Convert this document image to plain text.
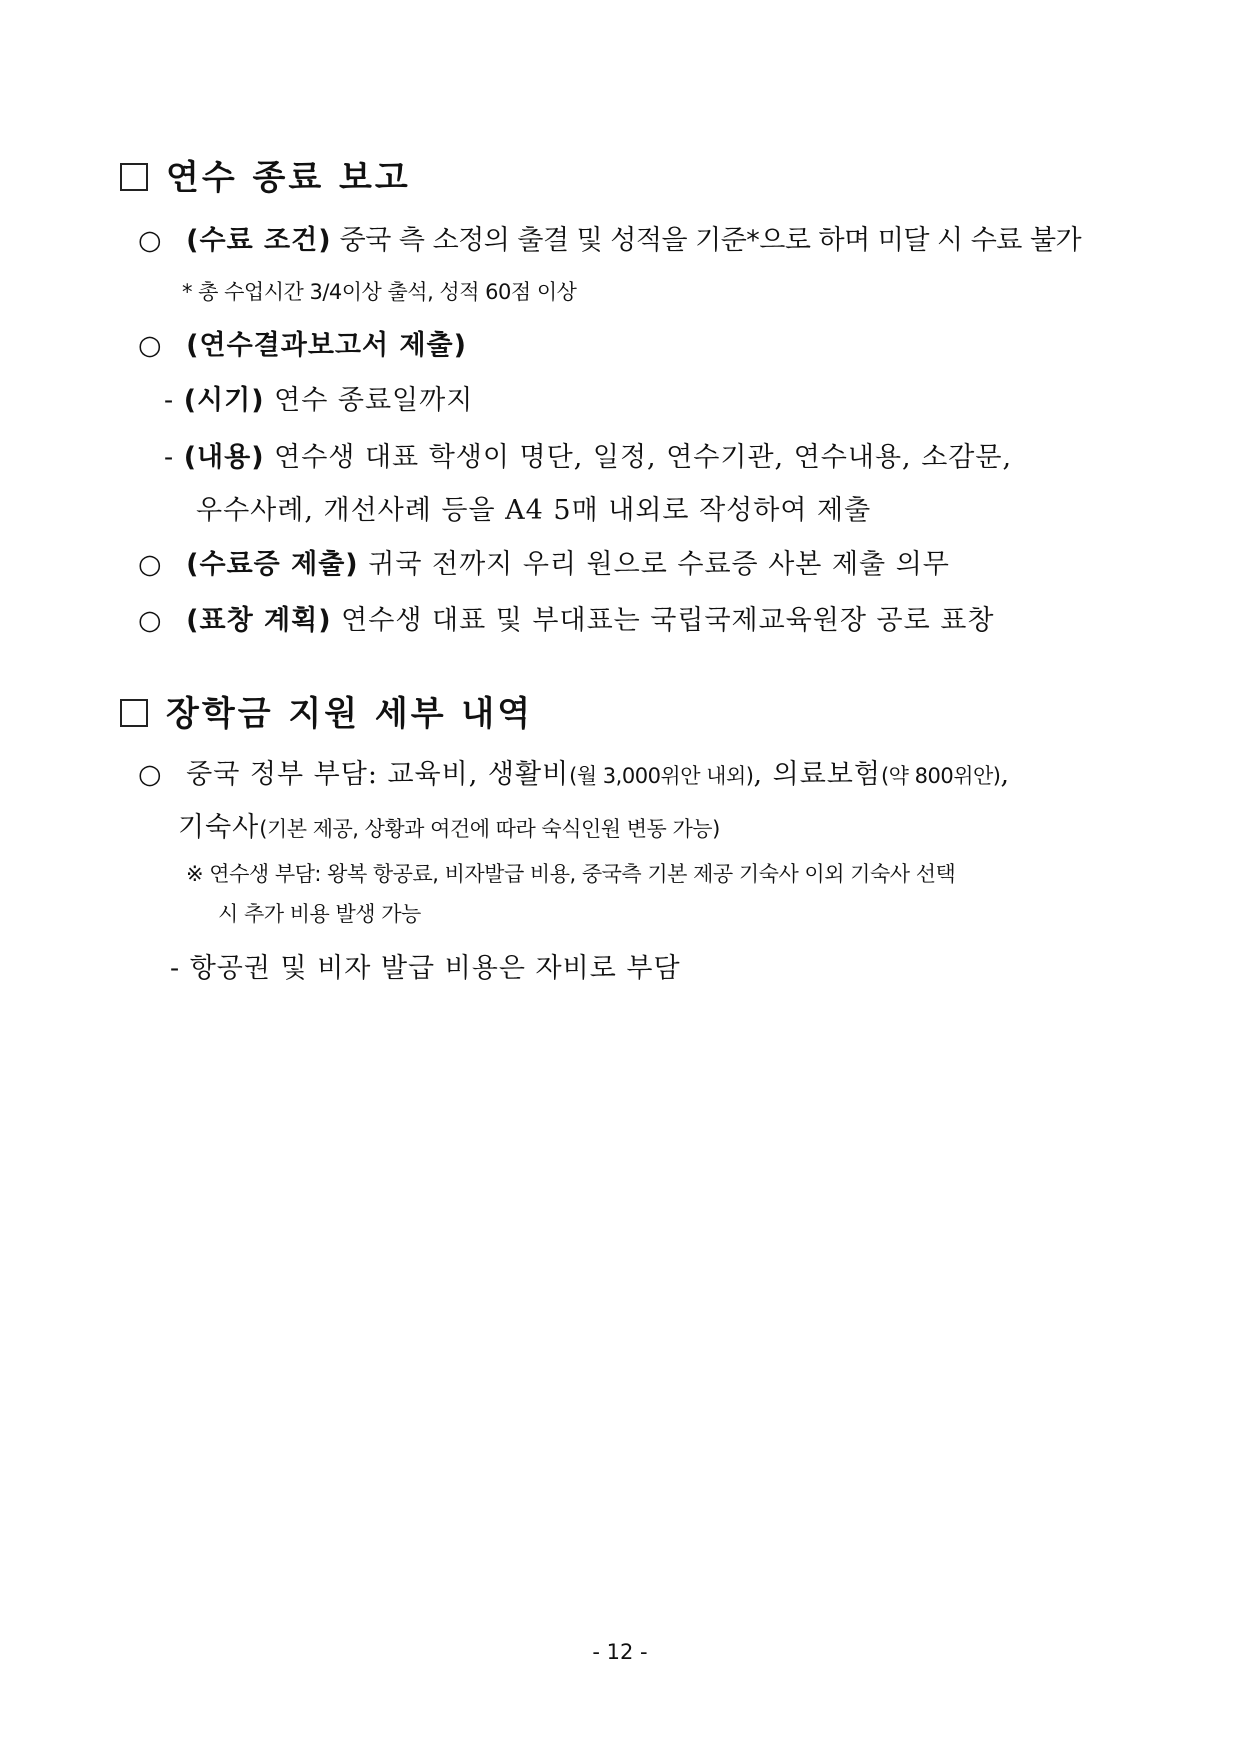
연수 종료 보고
○ (수료 조건) 중국 측 소정의 출결 및 성적을 기준*으로 하며 미달 시 수료 불가
* 총 수업시간 3/4이상 출석, 성적 60점 이상
○ (연수결과보고서 제출)
- (시기) 연수 종료일까지
- (내용) 연수생 대표 학생이 명단, 일정, 연수기관, 연수내용, 소감문,
우수사례, 개선사례 등을 A4 5매 내외로 작성하여 제출
○ (수료증 제출) 귀국 전까지 우리 원으로 수료증 사본 제출 의무
○ (표창 계획) 연수생 대표 및 부대표는 국립국제교육원장 공로 표창
장학금 지원 세부 내역
○ 중국 정부 부담: 교육비, 생활비(월 3,000위안 내외), 의료보험(약 800위안),
기숙사(기본 제공, 상황과 여건에 따라 숙식인원 변동 가능)
※ 연수생 부담: 왕복 항공료, 비자발급 비용, 중국측 기본 제공 기숙사 이외 기숙사 선택
시 추가 비용 발생 가능
- 항공권 및 비자 발급 비용은 자비로 부담
- 12 -
